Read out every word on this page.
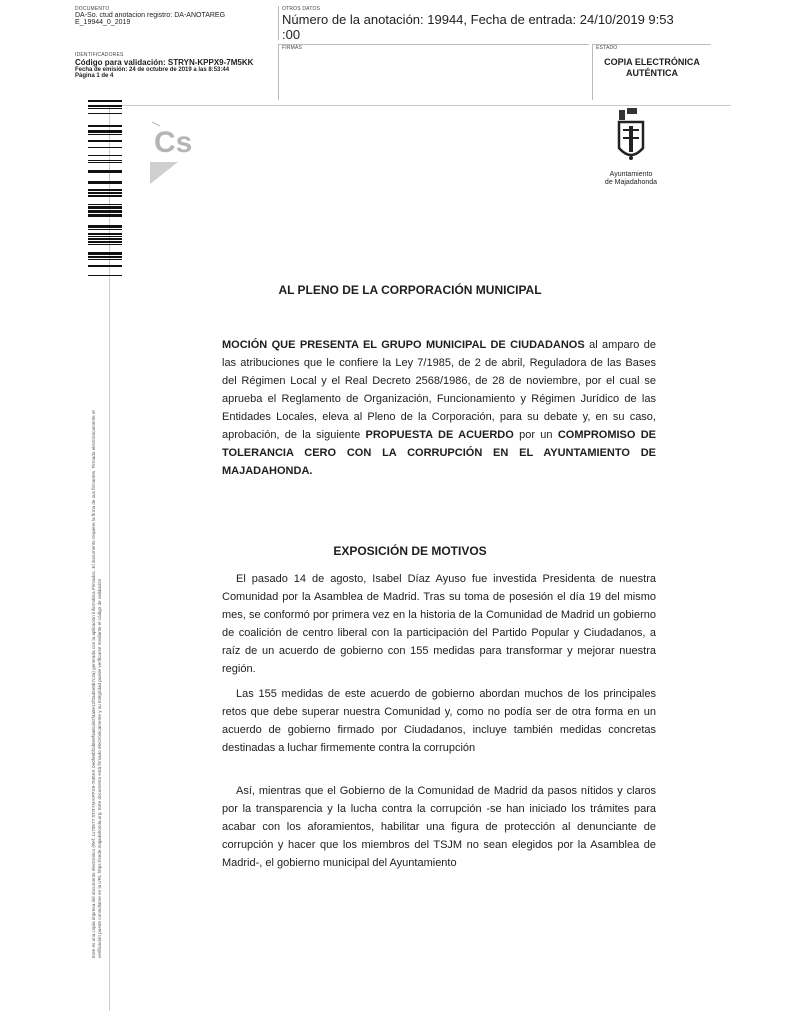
DOCUMENTO
DA-So. ctud anotacion registro: DA-ANOTAREG
E_19944_0_2019
IDENTIFICADORES
Código para validación: STRYN-KPPX9-7M5KK
Fecha de emisión: 24 de octubre de 2019 a las 8:53:44
Página 1 de 4
OTROS DATOS
Número de la anotación: 19944, Fecha de entrada: 24/10/2019 9:53
:00
FIRMAS	ESTADO
COPIA ELECTRÓNICA
AUTÉNTICA
Este es una copia impresa del documento electrónico (Ref: 1170577 STRYN-KPPX9-7M5KK 0e0fe5bf2d8e9f3a8cde2f4a9e12f0ad5e8b7c3a) generada con la aplicación informática Firmadoc. El documento requiere la firma de sus firmantes. Firmado electrónicamente el verificación puede consultarse en la URL https://sede.majadahonda.org. Este documento está firmado electrónicamente y su integridad puede verificarse mediante el código de validación
Cs
Ayuntamiento
de Majadahonda
AL PLENO DE LA CORPORACIÓN MUNICIPAL
MOCIÓN QUE PRESENTA EL GRUPO MUNICIPAL DE CIUDADANOS al amparo de las atribuciones que le confiere la Ley 7/1985, de 2 de abril, Reguladora de las Bases del Régimen Local y el Real Decreto 2568/1986, de 28 de noviembre, por el cual se aprueba el Reglamento de Organización, Funcionamiento y Régimen Jurídico de las Entidades Locales, eleva al Pleno de la Corporación, para su debate y, en su caso, aprobación, de la siguiente PROPUESTA DE ACUERDO por un COMPROMISO DE TOLERANCIA CERO CON LA CORRUPCIÓN EN EL AYUNTAMIENTO DE MAJADAHONDA.
EXPOSICIÓN DE MOTIVOS
El pasado 14 de agosto, Isabel Díaz Ayuso fue investida Presidenta de nuestra Comunidad por la Asamblea de Madrid. Tras su toma de posesión el día 19 del mismo mes, se conformó por primera vez en la historia de la Comunidad de Madrid un gobierno de coalición de centro liberal con la participación del Partido Popular y Ciudadanos, a raíz de un acuerdo de gobierno con 155 medidas para transformar y mejorar nuestra región.
Las 155 medidas de este acuerdo de gobierno abordan muchos de los principales retos que debe superar nuestra Comunidad y, como no podía ser de otra forma en un acuerdo de gobierno firmado por Ciudadanos, incluye también medidas concretas destinadas a luchar firmemente contra la corrupción
Así, mientras que el Gobierno de la Comunidad de Madrid da pasos nítidos y claros por la transparencia y la lucha contra la corrupción -se han iniciado los trámites para acabar con los aforamientos, habilitar una figura de protección al denunciante de corrupción y hacer que los miembros del TSJM no sean elegidos por la Asamblea de Madrid-, el gobierno municipal del Ayuntamiento
